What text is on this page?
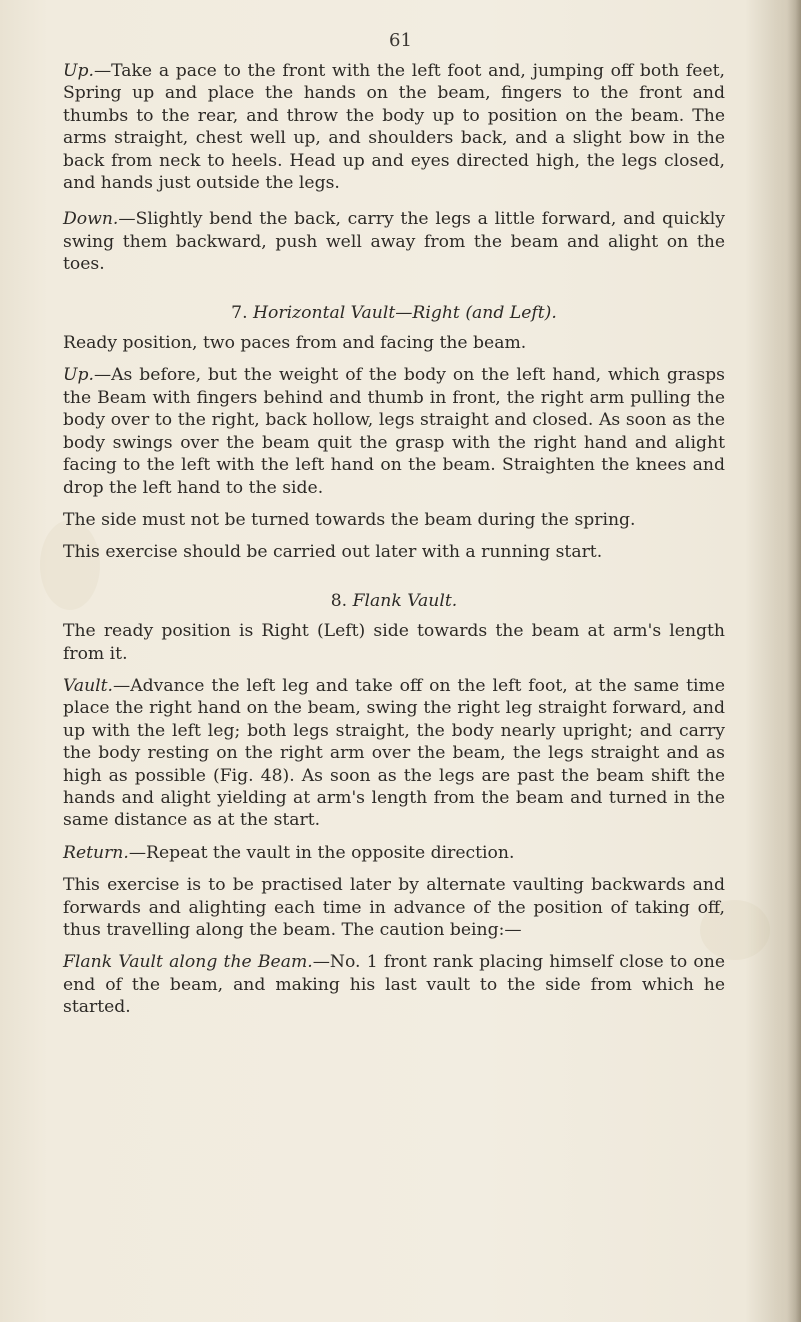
61

Up.—Take a pace to the front with the left foot and, jumping off both feet, Spring up and place the hands on the beam, fingers to the front and thumbs to the rear, and throw the body up to position on the beam. The arms straight, chest well up, and shoulders back, and a slight bow in the back from neck to heels. Head up and eyes directed high, the legs closed, and hands just outside the legs.

Down.—Slightly bend the back, carry the legs a little forward, and quickly swing them backward, push well away from the beam and alight on the toes.

7. Horizontal Vault—Right (and Left).

Ready position, two paces from and facing the beam.

Up.—As before, but the weight of the body on the left hand, which grasps the Beam with fingers behind and thumb in front, the right arm pulling the body over to the right, back hollow, legs straight and closed. As soon as the body swings over the beam quit the grasp with the right hand and alight facing to the left with the left hand on the beam. Straighten the knees and drop the left hand to the side.

The side must not be turned towards the beam during the spring.

This exercise should be carried out later with a running start.

8. Flank Vault.

The ready position is Right (Left) side towards the beam at arm's length from it.

Vault.—Advance the left leg and take off on the left foot, at the same time place the right hand on the beam, swing the right leg straight forward, and up with the left leg; both legs straight, the body nearly upright; and carry the body resting on the right arm over the beam, the legs straight and as high as possible (Fig. 48). As soon as the legs are past the beam shift the hands and alight yielding at arm's length from the beam and turned in the same distance as at the start.

Return.—Repeat the vault in the opposite direction.

This exercise is to be practised later by alternate vaulting backwards and forwards and alighting each time in advance of the position of taking off, thus travelling along the beam. The caution being:—

Flank Vault along the Beam.—No. 1 front rank placing himself close to one end of the beam, and making his last vault to the side from which he started.
